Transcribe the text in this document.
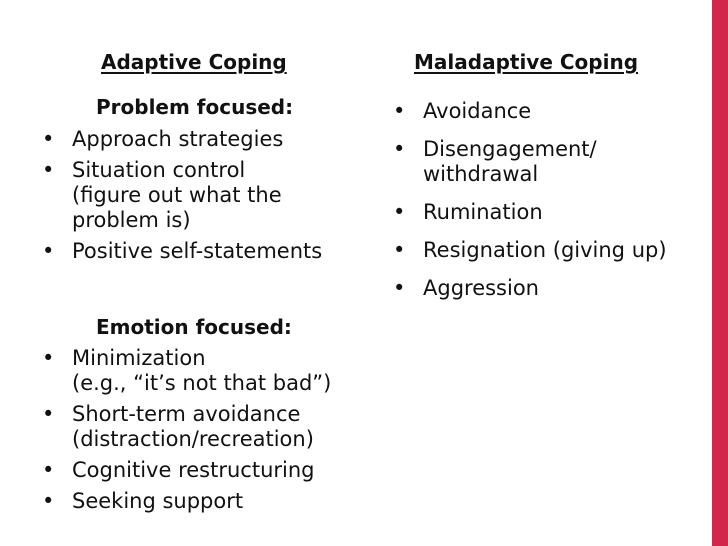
Adaptive Coping	Maladaptive Coping
Problem focused:
• Approach strategies
• Situation control
(figure out what the
problem is)
• Positive self-statements
Emotion focused:
• Minimization
(e.g., “it’s not that bad”)
• Short-term avoidance
(distraction/recreation)
• Cognitive restructuring
• Seeking support
• Avoidance
• Disengagement/
withdrawal
• Rumination
• Resignation (giving up)
• Aggression
